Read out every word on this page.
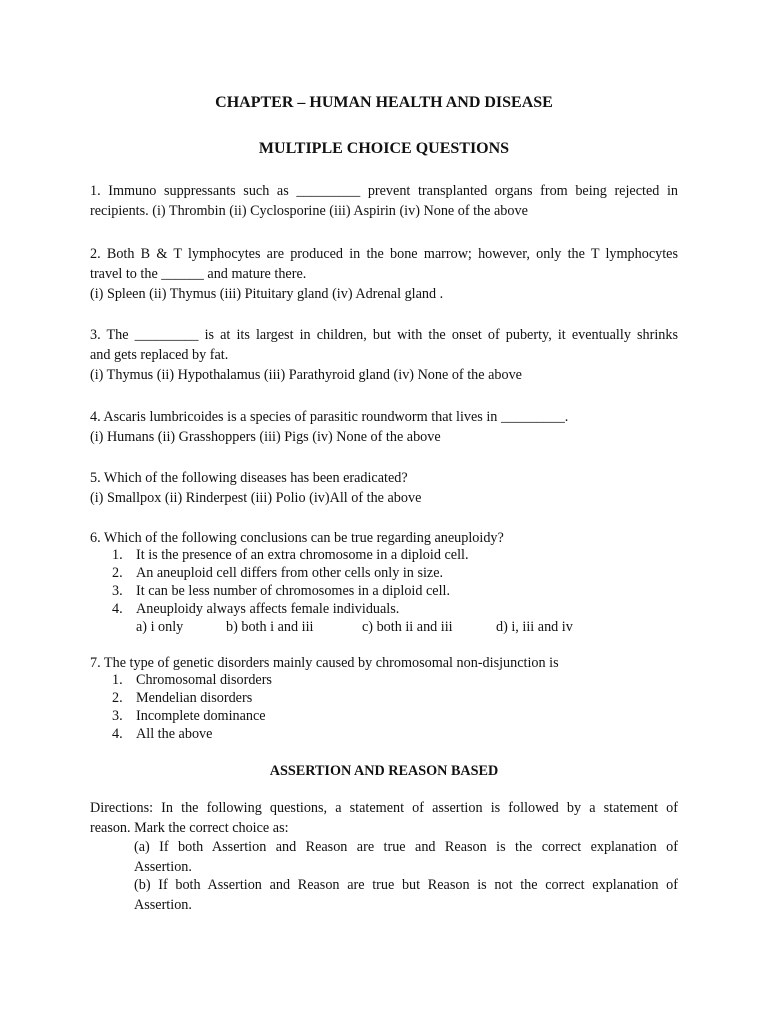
CHAPTER – HUMAN HEALTH AND DISEASE
MULTIPLE CHOICE QUESTIONS
1. Immuno suppressants such as _________ prevent transplanted organs from being rejected in
recipients. (i) Thrombin (ii) Cyclosporine (iii) Aspirin (iv) None of the above
2. Both B & T lymphocytes are produced in the bone marrow; however, only the T lymphocytes
travel to the ______ and mature there.
(i) Spleen (ii) Thymus (iii) Pituitary gland (iv) Adrenal gland .
3. The _________ is at its largest in children, but with the onset of puberty, it eventually shrinks
and gets replaced by fat.
(i) Thymus (ii) Hypothalamus (iii) Parathyroid gland (iv) None of the above
4. Ascaris lumbricoides is a species of parasitic roundworm that lives in _________.
(i) Humans (ii) Grasshoppers (iii) Pigs (iv) None of the above
5. Which of the following diseases has been eradicated?
(i) Smallpox (ii) Rinderpest (iii) Polio (iv)All of the above
6. Which of the following conclusions can be true regarding aneuploidy?
1. It is the presence of an extra chromosome in a diploid cell.
2. An aneuploid cell differs from other cells only in size.
3. It can be less number of chromosomes in a diploid cell.
4. Aneuploidy always affects female individuals.
a) i only	b) both i and iii	c) both ii and iii	d) i, iii and iv
7. The type of genetic disorders mainly caused by chromosomal non-disjunction is
1. Chromosomal disorders
2. Mendelian disorders
3. Incomplete dominance
4. All the above
ASSERTION AND REASON BASED
Directions: In the following questions, a statement of assertion is followed by a statement of
reason. Mark the correct choice as:
(a) If both Assertion and Reason are true and Reason is the correct explanation of
Assertion.
(b) If both Assertion and Reason are true but Reason is not the correct explanation of
Assertion.
